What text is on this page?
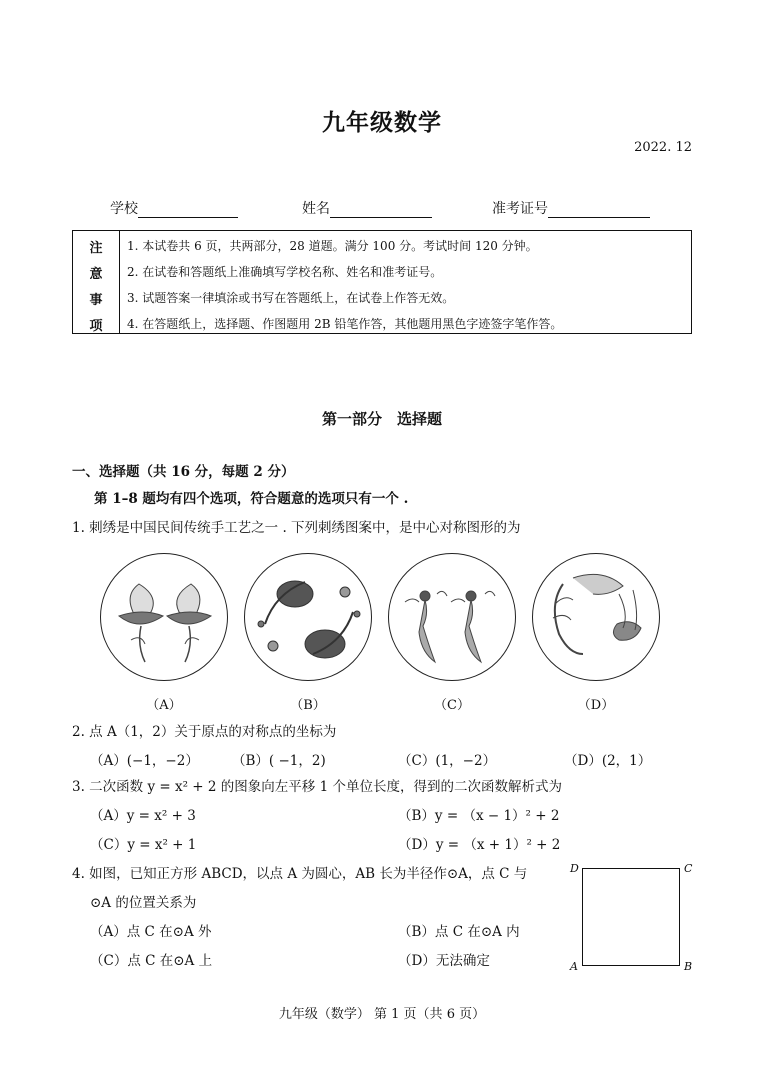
九年级数学
2022. 12
学校	姓名	准考证号
注
意
事
项
1. 本试卷共 6 页，共两部分，28 道题。满分 100 分。考试时间 120 分钟。
2. 在试卷和答题纸上准确填写学校名称、姓名和准考证号。
3. 试题答案一律填涂或书写在答题纸上，在试卷上作答无效。
4. 在答题纸上，选择题、作图题用 2B 铅笔作答，其他题用黑色字迹签字笔作答。
第一部分　选择题
一、选择题（共 16 分，每题 2 分）
第 1–8 题均有四个选项，符合题意的选项只有一个 .
1. 刺绣是中国民间传统手工艺之一 . 下列刺绣图案中，是中心对称图形的为
（A）	（B）	（C）	（D）
2. 点 A（1，2）关于原点的对称点的坐标为
（A）(−1，−2） （B）( −1，2)	（C）(1，−2）	（D）(2，1）
3. 二次函数 y = x² + 2 的图象向左平移 1 个单位长度，得到的二次函数解析式为
（A）y = x² + 3	（B）y = （x − 1）² + 2
（C）y = x² + 1	（D）y = （x + 1）² + 2
4. 如图，已知正方形 ABCD，以点 A 为圆心，AB 长为半径作⊙A，点 C 与
⊙A 的位置关系为
（A）点 C 在⊙A 外	（B）点 C 在⊙A 内
（C）点 C 在⊙A 上	（D）无法确定
D	C
A	B
九年级（数学） 第 1 页（共 6 页）
